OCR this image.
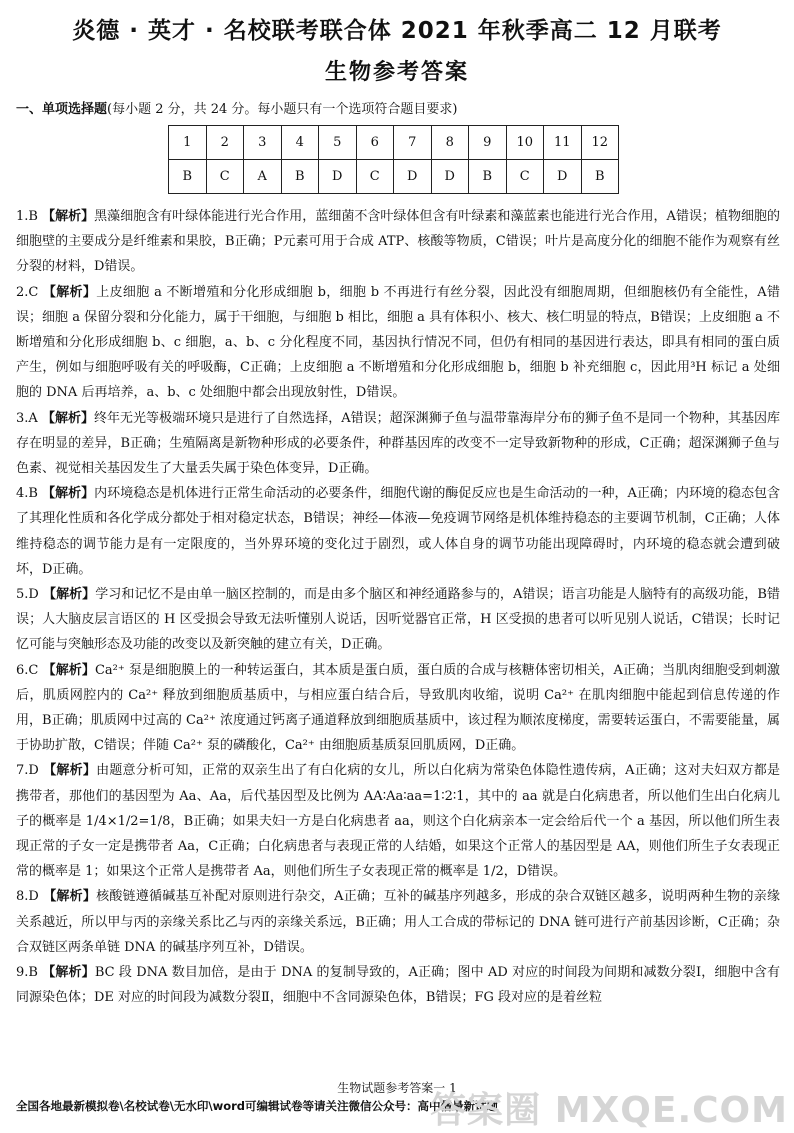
炎德 · 英才 · 名校联考联合体 2021 年秋季高二 12 月联考
生物参考答案
一、单项选择题(每小题 2 分，共 24 分。每小题只有一个选项符合题目要求)
1	2	3	4	5	6	7	8	9	10	11	12
B	C	A	B	D	C	D	D	B	C	D	B

1.B 【解析】黑藻细胞含有叶绿体能进行光合作用，蓝细菌不含叶绿体但含有叶绿素和藻蓝素也能进行光合作用，A错误；植物细胞的细胞壁的主要成分是纤维素和果胶，B正确；P元素可用于合成 ATP、核酸等物质，C错误；叶片是高度分化的细胞不能作为观察有丝分裂的材料，D错误。

2.C 【解析】上皮细胞 a 不断增殖和分化形成细胞 b，细胞 b 不再进行有丝分裂，因此没有细胞周期，但细胞核仍有全能性，A错误；细胞 a 保留分裂和分化能力，属于干细胞，与细胞 b 相比，细胞 a 具有体积小、核大、核仁明显的特点，B错误；上皮细胞 a 不断增殖和分化形成细胞 b、c 细胞，a、b、c 分化程度不同，基因执行情况不同，但仍有相同的基因进行表达，即具有相同的蛋白质产生，例如与细胞呼吸有关的呼吸酶，C正确；上皮细胞 a 不断增殖和分化形成细胞 b，细胞 b 补充细胞 c，因此用³H 标记 a 处细胞的 DNA 后再培养，a、b、c 处细胞中都会出现放射性，D错误。

3.A 【解析】终年无光等极端环境只是进行了自然选择，A错误；超深渊狮子鱼与温带靠海岸分布的狮子鱼不是同一个物种，其基因库存在明显的差异，B正确；生殖隔离是新物种形成的必要条件，种群基因库的改变不一定导致新物种的形成，C正确；超深渊狮子鱼与色素、视觉相关基因发生了大量丢失属于染色体变异，D正确。

4.B 【解析】内环境稳态是机体进行正常生命活动的必要条件，细胞代谢的酶促反应也是生命活动的一种，A正确；内环境的稳态包含了其理化性质和各化学成分都处于相对稳定状态，B错误；神经—体液—免疫调节网络是机体维持稳态的主要调节机制，C正确；人体维持稳态的调节能力是有一定限度的，当外界环境的变化过于剧烈，或人体自身的调节功能出现障碍时，内环境的稳态就会遭到破坏，D正确。

5.D 【解析】学习和记忆不是由单一脑区控制的，而是由多个脑区和神经通路参与的，A错误；语言功能是人脑特有的高级功能，B错误；人大脑皮层言语区的 H 区受损会导致无法听懂别人说话，因听觉器官正常，H 区受损的患者可以听见别人说话，C错误；长时记忆可能与突触形态及功能的改变以及新突触的建立有关，D正确。

6.C 【解析】Ca²⁺ 泵是细胞膜上的一种转运蛋白，其本质是蛋白质，蛋白质的合成与核糖体密切相关，A正确；当肌肉细胞受到刺激后，肌质网腔内的 Ca²⁺ 释放到细胞质基质中，与相应蛋白结合后，导致肌肉收缩，说明 Ca²⁺ 在肌肉细胞中能起到信息传递的作用，B正确；肌质网中过高的 Ca²⁺ 浓度通过钙离子通道释放到细胞质基质中，该过程为顺浓度梯度，需要转运蛋白，不需要能量，属于协助扩散，C错误；伴随 Ca²⁺ 泵的磷酸化，Ca²⁺ 由细胞质基质泵回肌质网，D正确。

7.D 【解析】由题意分析可知，正常的双亲生出了有白化病的女儿，所以白化病为常染色体隐性遗传病，A正确；这对夫妇双方都是携带者，那他们的基因型为 Aa、Aa，后代基因型及比例为 AA∶Aa∶aa=1∶2∶1，其中的 aa 就是白化病患者，所以他们生出白化病儿子的概率是 1/4×1/2=1/8，B正确；如果夫妇一方是白化病患者 aa，则这个白化病亲本一定会给后代一个 a 基因，所以他们所生表现正常的子女一定是携带者 Aa，C正确；白化病患者与表现正常的人结婚，如果这个正常人的基因型是 AA，则他们所生子女表现正常的概率是 1；如果这个正常人是携带者 Aa，则他们所生子女表现正常的概率是 1/2，D错误。

8.D 【解析】核酸链遵循碱基互补配对原则进行杂交，A正确；互补的碱基序列越多，形成的杂合双链区越多，说明两种生物的亲缘关系越近，所以甲与丙的亲缘关系比乙与丙的亲缘关系远，B正确；用人工合成的带标记的 DNA 链可进行产前基因诊断，C正确；杂合双链区两条单链 DNA 的碱基序列互补，D错误。

9.B 【解析】BC 段 DNA 数目加倍，是由于 DNA 的复制导致的，A正确；图中 AD 对应的时间段为间期和减数分裂Ⅰ，细胞中含有同源染色体；DE 对应的时间段为减数分裂Ⅱ，细胞中不含同源染色体，B错误；FG 段对应的是着丝粒

生物试题参考答案一 1
全国各地最新模拟卷\名校试卷\无水印\word可编辑试卷等请关注微信公众号：高中僧最新试题
答案圈 MXQE.COM
